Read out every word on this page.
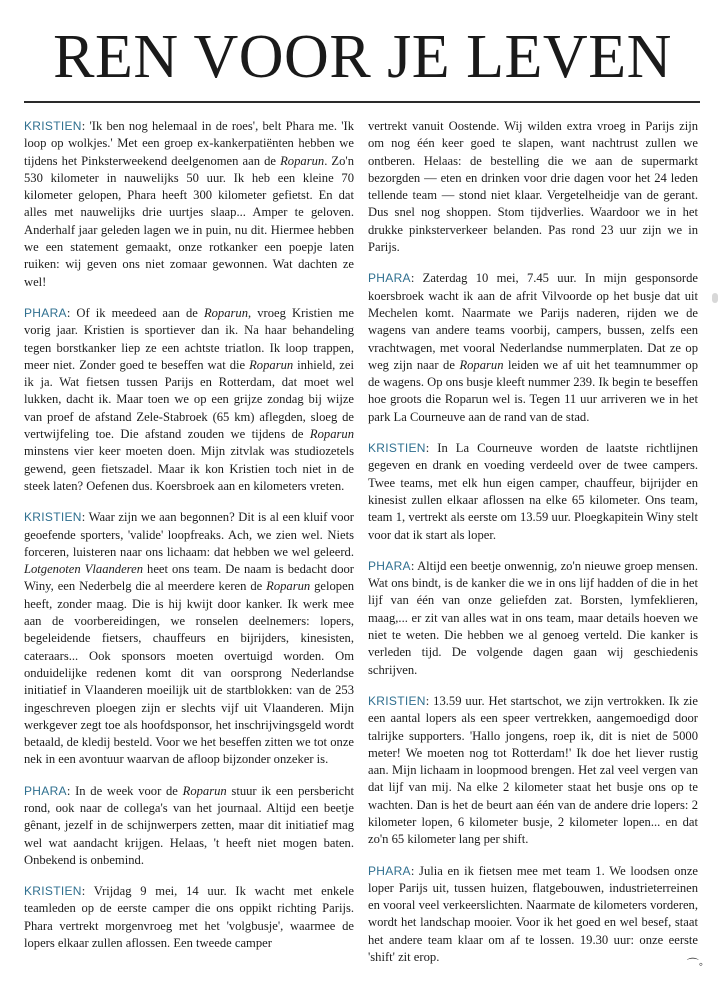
REN VOOR JE LEVEN

KRISTIEN: 'Ik ben nog helemaal in de roes', belt Phara me. 'Ik loop op wolkjes.' Met een groep ex-kankerpatiënten hebben we tijdens het Pinksterweekend deelgenomen aan de Roparun. Zo'n 530 kilometer in nauwelijks 50 uur. Ik heb een kleine 70 kilometer gelopen, Phara heeft 300 kilometer gefietst. En dat alles met nauwelijks drie uurtjes slaap... Amper te geloven. Anderhalf jaar geleden lagen we in puin, nu dit. Hiermee hebben we een statement gemaakt, onze rotkanker een poepje laten ruiken: wij geven ons niet zomaar gewonnen. Wat dachten ze wel!

PHARA: Of ik meedeed aan de Roparun, vroeg Kristien me vorig jaar. Kristien is sportiever dan ik. Na haar behandeling tegen borstkanker liep ze een achtste triatlon. Ik loop trappen, meer niet. Zonder goed te beseffen wat die Roparun inhield, zei ik ja. Wat fietsen tussen Parijs en Rotterdam, dat moet wel lukken, dacht ik. Maar toen we op een grijze zondag bij wijze van proef de afstand Zele-Stabroek (65 km) aflegden, sloeg de vertwijfeling toe. Die afstand zouden we tijdens de Roparun minstens vier keer moeten doen. Mijn zitvlak was studiozetels gewend, geen fietszadel. Maar ik kon Kristien toch niet in de steek laten? Oefenen dus. Koersbroek aan en kilometers vreten.

KRISTIEN: Waar zijn we aan begonnen? Dit is al een kluif voor geoefende sporters, 'valide' loopfreaks. Ach, we zien wel. Niets forceren, luisteren naar ons lichaam: dat hebben we wel geleerd. Lotgenoten Vlaanderen heet ons team. De naam is bedacht door Winy, een Nederbelg die al meerdere keren de Roparun gelopen heeft, zonder maag. Die is hij kwijt door kanker. Ik werk mee aan de voorbereidingen, we ronselen deelnemers: lopers, begeleidende fietsers, chauffeurs en bijrijders, kinesisten, cateraars... Ook sponsors moeten overtuigd worden. Om onduidelijke redenen komt dit van oorsprong Nederlandse initiatief in Vlaanderen moeilijk uit de startblokken: van de 253 ingeschreven ploegen zijn er slechts vijf uit Vlaanderen. Mijn werkgever zegt toe als hoofdsponsor, het inschrijvingsgeld wordt betaald, de kledij besteld. Voor we het beseffen zitten we tot onze nek in een avontuur waarvan de afloop bijzonder onzeker is.

PHARA: In de week voor de Roparun stuur ik een persbericht rond, ook naar de collega's van het journaal. Altijd een beetje gênant, jezelf in de schijnwerpers zetten, maar dit initiatief mag wel wat aandacht krijgen. Helaas, 't heeft niet mogen baten. Onbekend is onbemind.

KRISTIEN: Vrijdag 9 mei, 14 uur. Ik wacht met enkele teamleden op de eerste camper die ons oppikt richting Parijs. Phara vertrekt morgenvroeg met het 'volgbusje', waarmee de lopers elkaar zullen aflossen. Een tweede camper

vertrekt vanuit Oostende. Wij wilden extra vroeg in Parijs zijn om nog één keer goed te slapen, want nachtrust zullen we ontberen. Helaas: de bestelling die we aan de supermarkt bezorgden — eten en drinken voor drie dagen voor het 24 leden tellende team — stond niet klaar. Vergetelheidje van de gerant. Dus snel nog shoppen. Stom tijdverlies. Waardoor we in het drukke pinksterverkeer belanden. Pas rond 23 uur zijn we in Parijs.

PHARA: Zaterdag 10 mei, 7.45 uur. In mijn gesponsorde koersbroek wacht ik aan de afrit Vilvoorde op het busje dat uit Mechelen komt. Naarmate we Parijs naderen, rijden we de wagens van andere teams voorbij, campers, bussen, zelfs een vrachtwagen, met vooral Nederlandse nummerplaten. Dat ze op weg zijn naar de Roparun leiden we af uit het teamnummer op de wagens. Op ons busje kleeft nummer 239. Ik begin te beseffen hoe groots die Roparun wel is. Tegen 11 uur arriveren we in het park La Courneuve aan de rand van de stad.

KRISTIEN: In La Courneuve worden de laatste richtlijnen gegeven en drank en voeding verdeeld over de twee campers. Twee teams, met elk hun eigen camper, chauffeur, bijrijder en kinesist zullen elkaar aflossen na elke 65 kilometer. Ons team, team 1, vertrekt als eerste om 13.59 uur. Ploegkapitein Winy stelt voor dat ik start als loper.

PHARA: Altijd een beetje onwennig, zo'n nieuwe groep mensen. Wat ons bindt, is de kanker die we in ons lijf hadden of die in het lijf van één van onze geliefden zat. Borsten, lymfeklieren, maag,... er zit van alles wat in ons team, maar details hoeven we niet te weten. Die hebben we al genoeg verteld. Die kanker is verleden tijd. De volgende dagen gaan wij geschiedenis schrijven.

KRISTIEN: 13.59 uur. Het startschot, we zijn vertrokken. Ik zie een aantal lopers als een speer vertrekken, aangemoedigd door talrijke supporters. 'Hallo jongens, roep ik, dit is niet de 5000 meter! We moeten nog tot Rotterdam!' Ik doe het liever rustig aan. Mijn lichaam in loopmood brengen. Het zal veel vergen van dat lijf van mij. Na elke 2 kilometer staat het busje ons op te wachten. Dan is het de beurt aan één van de andere drie lopers: 2 kilometer lopen, 6 kilometer busje, 2 kilometer lopen... en dat zo'n 65 kilometer lang per shift.

PHARA: Julia en ik fietsen mee met team 1. We loodsen onze loper Parijs uit, tussen huizen, flatgebouwen, industrieterreinen en vooral veel verkeerslichten. Naarmate de kilometers vorderen, wordt het landschap mooier. Voor ik het goed en wel besef, staat het andere team klaar om af te lossen. 19.30 uur: onze eerste 'shift' zit erop.	⌒◦
